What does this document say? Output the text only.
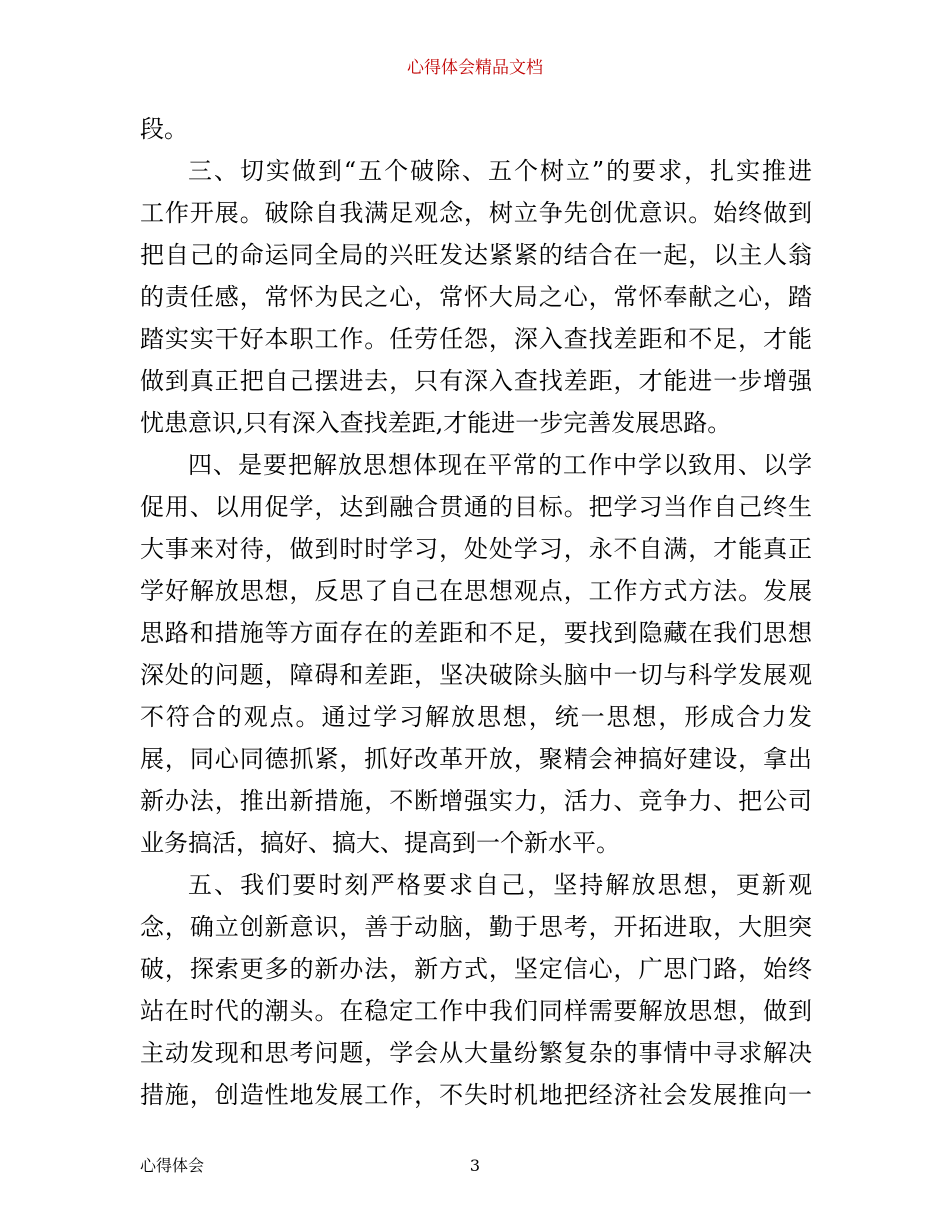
心得体会精品文档
段。
三、切实做到“五个破除、五个树立”的要求，扎实推进
工作开展。破除自我满足观念，树立争先创优意识。始终做到
把自己的命运同全局的兴旺发达紧紧的结合在一起，以主人翁
的责任感，常怀为民之心，常怀大局之心，常怀奉献之心，踏
踏实实干好本职工作。任劳任怨，深入查找差距和不足，才能
做到真正把自己摆进去，只有深入查找差距，才能进一步增强
忧患意识,只有深入查找差距,才能进一步完善发展思路。
四、是要把解放思想体现在平常的工作中学以致用、以学
促用、以用促学，达到融合贯通的目标。把学习当作自己终生
大事来对待，做到时时学习，处处学习，永不自满，才能真正
学好解放思想，反思了自己在思想观点，工作方式方法。发展
思路和措施等方面存在的差距和不足，要找到隐藏在我们思想
深处的问题，障碍和差距，坚决破除头脑中一切与科学发展观
不符合的观点。通过学习解放思想，统一思想，形成合力发
展，同心同德抓紧，抓好改革开放，聚精会神搞好建设，拿出
新办法，推出新措施，不断增强实力，活力、竞争力、把公司
业务搞活，搞好、搞大、提高到一个新水平。
五、我们要时刻严格要求自己，坚持解放思想，更新观
念，确立创新意识，善于动脑，勤于思考，开拓进取，大胆突
破，探索更多的新办法，新方式，坚定信心，广思门路，始终
站在时代的潮头。在稳定工作中我们同样需要解放思想，做到
主动发现和思考问题，学会从大量纷繁复杂的事情中寻求解决
措施，创造性地发展工作，不失时机地把经济社会发展推向一
心得体会	3
